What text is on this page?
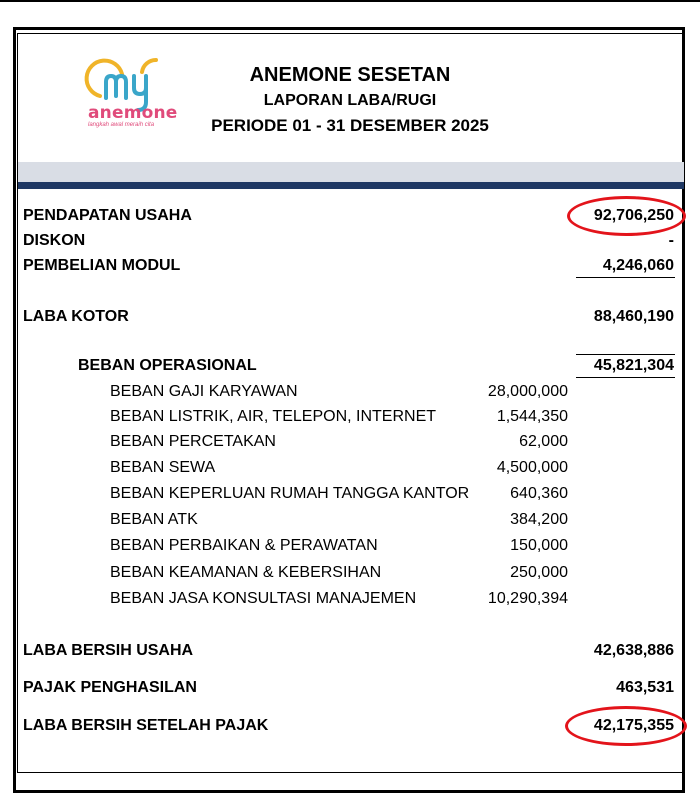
anemone
langkah awal meraih cita
ANEMONE SESETAN
LAPORAN LABA/RUGI
PERIODE 01 - 31 DESEMBER 2025
PENDAPATAN USAHA	92,706,250
DISKON	-
PEMBELIAN MODUL	4,246,060
LABA KOTOR	88,460,190
BEBAN OPERASIONAL	45,821,304
BEBAN GAJI KARYAWAN	28,000,000
BEBAN LISTRIK, AIR, TELEPON, INTERNET	1,544,350
BEBAN PERCETAKAN	62,000
BEBAN SEWA	4,500,000
BEBAN KEPERLUAN RUMAH TANGGA KANTOR	640,360
BEBAN ATK	384,200
BEBAN PERBAIKAN & PERAWATAN	150,000
BEBAN KEAMANAN & KEBERSIHAN	250,000
BEBAN JASA KONSULTASI MANAJEMEN	10,290,394
LABA BERSIH USAHA	42,638,886
PAJAK PENGHASILAN	463,531
LABA BERSIH SETELAH PAJAK	42,175,355
